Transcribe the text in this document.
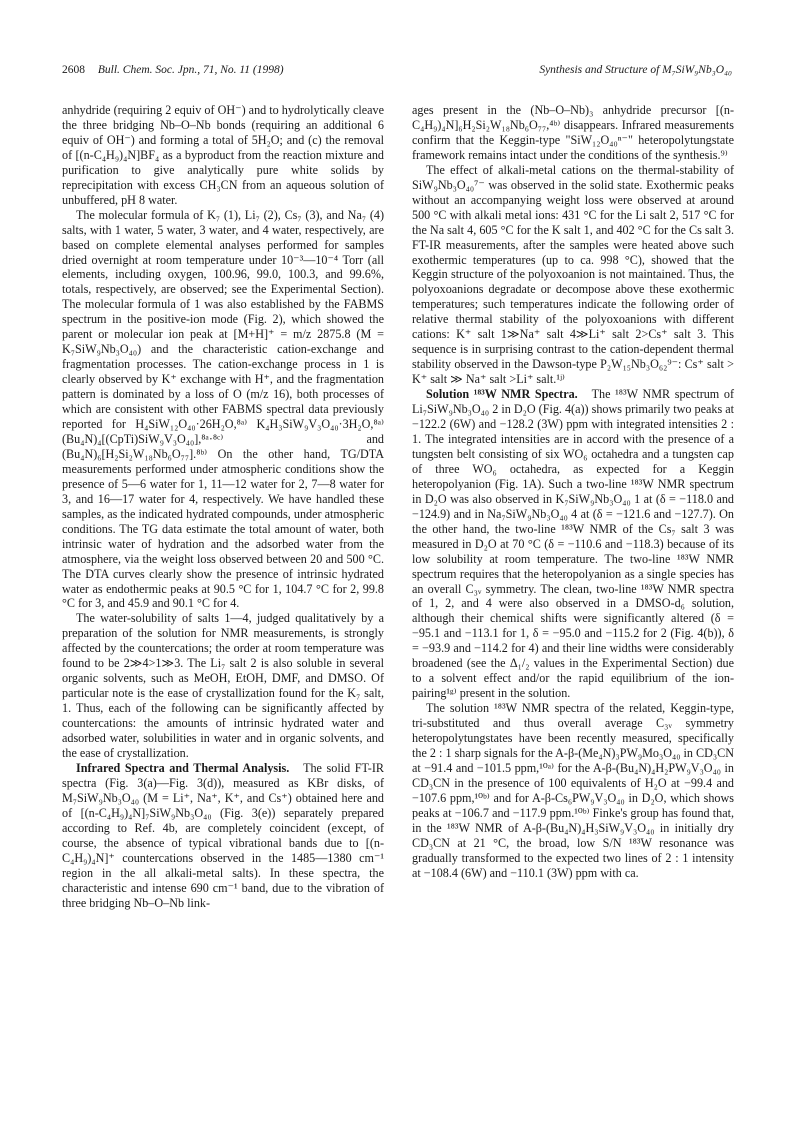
2608 Bull. Chem. Soc. Jpn., 71, No. 11 (1998)	Synthesis and Structure of M₇SiW₉Nb₃O₄₀

anhydride (requiring 2 equiv of OH⁻) and to hydrolytically cleave the three bridging Nb–O–Nb bonds (requiring an additional 6 equiv of OH⁻) and forming a total of 5H₂O; and (c) the removal of [(n-C₄H₉)₄N]BF₄ as a byproduct from the reaction mixture and purification to give analytically pure white solids by reprecipitation with excess CH₃CN from an aqueous solution of unbuffered, pH 8 water.

The molecular formula of K₇ (1), Li₇ (2), Cs₇ (3), and Na₇ (4) salts, with 1 water, 5 water, 3 water, and 4 water, respectively, are based on complete elemental analyses performed for samples dried overnight at room temperature under 10⁻³—10⁻⁴ Torr (all elements, including oxygen, 100.96, 99.0, 100.3, and 99.6%, totals, respectively, are observed; see the Experimental Section). The molecular formula of 1 was also established by the FABMS spectrum in the positive-ion mode (Fig. 2), which showed the parent or molecular ion peak at [M+H]⁺ = m/z 2875.8 (M = K₇SiW₉Nb₃O₄₀) and the characteristic cation-exchange and fragmentation processes. The cation-exchange process in 1 is clearly observed by K⁺ exchange with H⁺, and the fragmentation pattern is dominated by a loss of O (m/z 16), both processes of which are consistent with other FABMS spectral data previously reported for H₄SiW₁₂O₄₀·26H₂O,⁸ᵃ⁾ K₄H₃SiW₉V₃O₄₀·3H₂O,⁸ᵃ⁾ (Bu₄N)₄[(CpTi)SiW₉V₃O₄₀],⁸ᵃ·⁸ᶜ⁾ and (Bu₄N)₆[H₂Si₂W₁₈Nb₆O₇₇].⁸ᵇ⁾ On the other hand, TG/DTA measurements performed under atmospheric conditions show the presence of 5—6 water for 1, 11—12 water for 2, 7—8 water for 3, and 16—17 water for 4, respectively. We have handled these samples, as the indicated hydrated compounds, under atmospheric conditions. The TG data estimate the total amount of water, both intrinsic water of hydration and the adsorbed water from the atmosphere, via the weight loss observed between 20 and 500 °C. The DTA curves clearly show the presence of intrinsic hydrated water as endothermic peaks at 90.5 °C for 1, 104.7 °C for 2, 99.8 °C for 3, and 45.9 and 90.1 °C for 4.

The water-solubility of salts 1—4, judged qualitatively by a preparation of the solution for NMR measurements, is strongly affected by the countercations; the order at room temperature was found to be 2≫4>1≫3. The Li₇ salt 2 is also soluble in several organic solvents, such as MeOH, EtOH, DMF, and DMSO. Of particular note is the ease of crystallization found for the K₇ salt, 1. Thus, each of the following can be significantly affected by countercations: the amounts of intrinsic hydrated water and adsorbed water, solubilities in water and in organic solvents, and the ease of crystallization.

Infrared Spectra and Thermal Analysis. The solid FT-IR spectra (Fig. 3(a)—Fig. 3(d)), measured as KBr disks, of M₇SiW₉Nb₃O₄₀ (M = Li⁺, Na⁺, K⁺, and Cs⁺) obtained here and of [(n-C₄H₉)₄N]₇SiW₉Nb₃O₄₀ (Fig. 3(e)) separately prepared according to Ref. 4b, are completely coincident (except, of course, the absence of typical vibrational bands due to [(n-C₄H₉)₄N]⁺ countercations observed in the 1485—1380 cm⁻¹ region in the all alkali-metal salts). In these spectra, the characteristic and intense 690 cm⁻¹ band, due to the vibration of three bridging Nb–O–Nb link-

ages present in the (Nb–O–Nb)₃ anhydride precursor [(n-C₄H₉)₄N]₆H₂Si₂W₁₈Nb₆O₇₇,⁴ᵇ⁾ disappears. Infrared measurements confirm that the Keggin-type "SiW₁₂O₄₀ⁿ⁻" heteropolytungstate framework remains intact under the conditions of the synthesis.⁹⁾

The effect of alkali-metal cations on the thermal-stability of SiW₉Nb₃O₄₀⁷⁻ was observed in the solid state. Exothermic peaks without an accompanying weight loss were observed at around 500 °C with alkali metal ions: 431 °C for the Li salt 2, 517 °C for the Na salt 4, 605 °C for the K salt 1, and 402 °C for the Cs salt 3. FT-IR measurements, after the samples were heated above such exothermic temperatures (up to ca. 998 °C), showed that the Keggin structure of the polyoxoanion is not maintained. Thus, the polyoxoanions degradate or decompose above these exothermic temperatures; such temperatures indicate the following order of relative thermal stability of the polyoxoanions with different cations: K⁺ salt 1≫Na⁺ salt 4≫Li⁺ salt 2>Cs⁺ salt 3. This sequence is in surprising contrast to the cation-dependent thermal stability observed in the Dawson-type P₂W₁₅Nb₃O₆₂⁹⁻: Cs⁺ salt > K⁺ salt ≫ Na⁺ salt >Li⁺ salt.¹ʲ⁾

Solution ¹⁸³W NMR Spectra. The ¹⁸³W NMR spectrum of Li₇SiW₉Nb₃O₄₀ 2 in D₂O (Fig. 4(a)) shows primarily two peaks at −122.2 (6W) and −128.2 (3W) ppm with integrated intensities 2 : 1. The integrated intensities are in accord with the presence of a tungsten belt consisting of six WO₆ octahedra and a tungsten cap of three WO₆ octahedra, as expected for a Keggin heteropolyanion (Fig. 1A). Such a two-line ¹⁸³W NMR spectrum in D₂O was also observed in K₇SiW₉Nb₃O₄₀ 1 at (δ = −118.0 and −124.9) and in Na₇SiW₉Nb₃O₄₀ 4 at (δ = −121.6 and −127.7). On the other hand, the two-line ¹⁸³W NMR of the Cs₇ salt 3 was measured in D₂O at 70 °C (δ = −110.6 and −118.3) because of its low solubility at room temperature. The two-line ¹⁸³W NMR spectrum requires that the heteropolyanion as a single species has an overall C₃ᵥ symmetry. The clean, two-line ¹⁸³W NMR spectra of 1, 2, and 4 were also observed in a DMSO-d₆ solution, although their chemical shifts were significantly altered (δ = −95.1 and −113.1 for 1, δ = −95.0 and −115.2 for 2 (Fig. 4(b)), δ = −93.9 and −114.2 for 4) and their line widths were considerably broadened (see the Δ₁/₂ values in the Experimental Section) due to a solvent effect and/or the rapid equilibrium of the ion-pairing¹ᵍ⁾ present in the solution.

The solution ¹⁸³W NMR spectra of the related, Keggin-type, tri-substituted and thus overall average C₃ᵥ symmetry heteropolytungstates have been recently measured, specifically the 2 : 1 sharp signals for the A-β-(Me₄N)₃PW₉Mo₃O₄₀ in CD₃CN at −91.4 and −101.5 ppm,¹⁰ᵃ⁾ for the A-β-(Bu₄N)₄H₂PW₉V₃O₄₀ in CD₃CN in the presence of 100 equivalents of H₂O at −99.4 and −107.6 ppm,¹⁰ᵇ⁾ and for A-β-Cs₆PW₉V₃O₄₀ in D₂O, which shows peaks at −106.7 and −117.9 ppm.¹⁰ᵇ⁾ Finke's group has found that, in the ¹⁸³W NMR of A-β-(Bu₄N)₄H₃SiW₉V₃O₄₀ in initially dry CD₃CN at 21 °C, the broad, low S/N ¹⁸³W resonance was gradually transformed to the expected two lines of 2 : 1 intensity at −108.4 (6W) and −110.1 (3W) ppm with ca.
